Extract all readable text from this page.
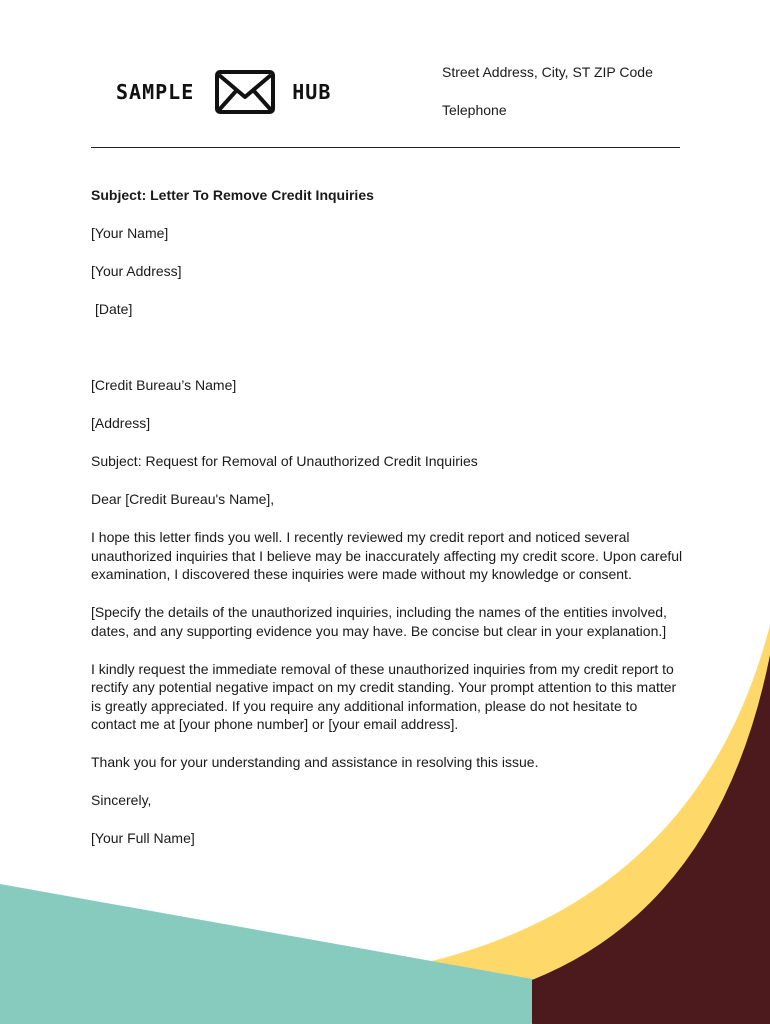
SAMPLE	HUB
Street Address, City, ST ZIP Code
Telephone

Subject: Letter To Remove Credit Inquiries

[Your Name]

[Your Address]

[Date]

[Credit Bureau’s Name]

[Address]

Subject: Request for Removal of Unauthorized Credit Inquiries

Dear [Credit Bureau's Name],

I hope this letter finds you well. I recently reviewed my credit report and noticed several unauthorized inquiries that I believe may be inaccurately affecting my credit score. Upon careful examination, I discovered these inquiries were made without my knowledge or consent.

[Specify the details of the unauthorized inquiries, including the names of the entities involved, dates, and any supporting evidence you may have. Be concise but clear in your explanation.]

I kindly request the immediate removal of these unauthorized inquiries from my credit report to rectify any potential negative impact on my credit standing. Your prompt attention to this matter is greatly appreciated. If you require any additional information, please do not hesitate to contact me at [your phone number] or [your email address].

Thank you for your understanding and assistance in resolving this issue.

Sincerely,

[Your Full Name]
